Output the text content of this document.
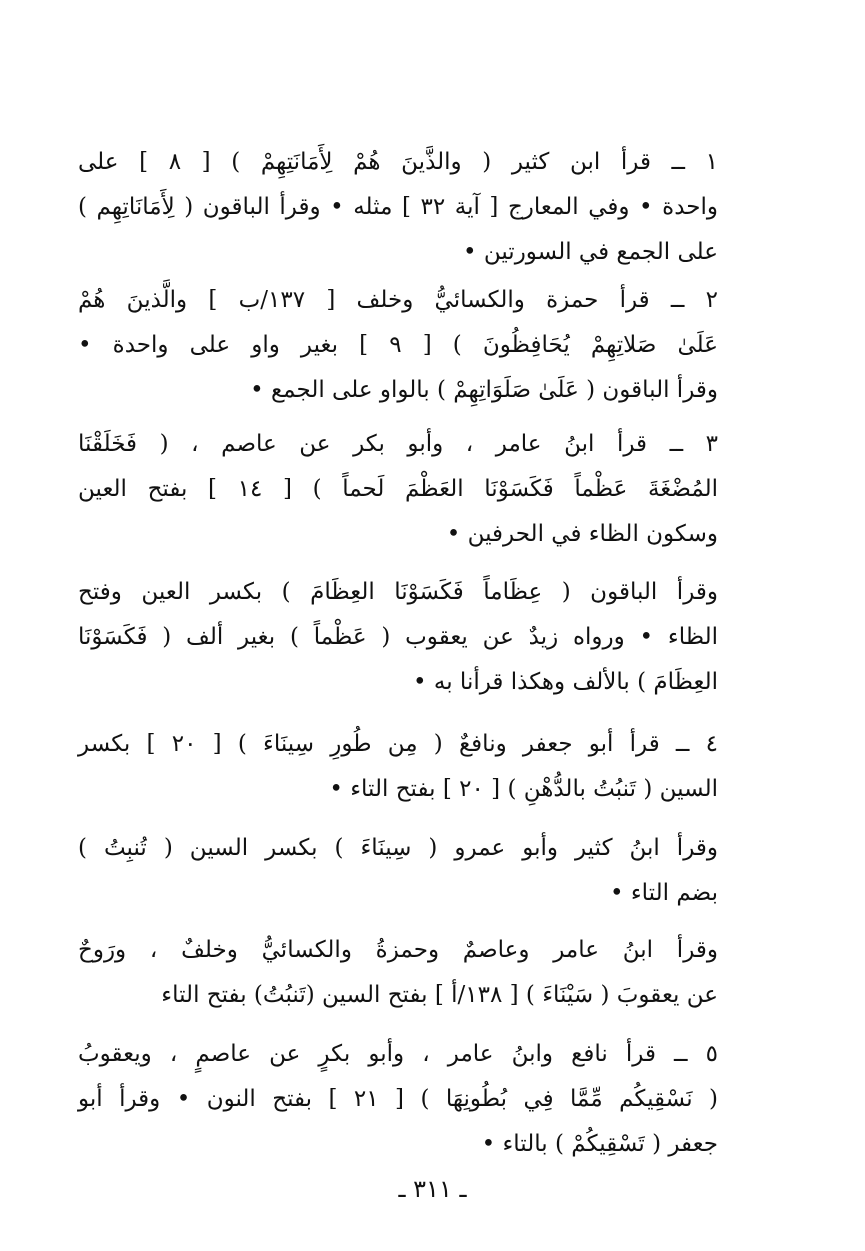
١ ــ قرأ ابن كثير ( والذَّينَ هُمْ لِأَمَانَتِهِمْ ) [ ٨ ] على
واحدة • وفي المعارج [ آية ٣٢ ] مثله • وقرأ الباقون ( لِأَمَانَاتِهِم )
على الجمع في السورتين •
٢ ــ قرأ حمزة والكسائيُّ وخلف [ ١٣٧/ب ] والَّذينَ هُمْ
عَلَىٰ صَلاتِهِمْ يُحَافِظُونَ ) [ ٩ ] بغير واو على واحدة •
وقرأ الباقون ( عَلَىٰ صَلَوَاتِهِمْ ) بالواو على الجمع •
٣ ــ قرأ ابنُ عامر ، وأبو بكر عن عاصم ، ( فَخَلَقْنَا
المُضْغَةَ عَظْماً فَكَسَوْنَا العَظْمَ لَحماً ) [ ١٤ ] بفتح العين
وسكون الظاء في الحرفين •
وقرأ الباقون ( عِظَاماً فَكَسَوْنَا العِظَامَ ) بكسر العين وفتح
الظاء • ورواه زيدٌ عن يعقوب ( عَظْماً ) بغير ألف ( فَكَسَوْنَا
العِظَامَ ) بالألف وهكذا قرأنا به •
٤ ــ قرأ أبو جعفر ونافعٌ ( مِن طُورِ سِينَاءَ ) [ ٢٠ ] بكسر
السين ( تَنبُتُ بالدُّهْنِ ) [ ٢٠ ] بفتح التاء •
وقرأ ابنُ كثير وأبو عمرو ( سِينَاءَ ) بكسر السين ( تُنبِتُ )
بضم التاء •
وقرأ ابنُ عامر وعاصمٌ وحمزةُ والكسائيُّ وخلفٌ ، ورَوحٌ
عن يعقوبَ ( سَيْنَاءَ ) [ ١٣٨/أ ] بفتح السين (تَنبُتُ) بفتح التاء
٥ ــ قرأ نافع وابنُ عامر ، وأبو بكرٍ عن عاصمٍ ، ويعقوبُ
( نَسْقِيكُم مِّمَّا فِي بُطُونِهَا ) [ ٢١ ] بفتح النون • وقرأ أبو
جعفر ( تَسْقِيكُمْ ) بالتاء •
ـ ٣١١ ـ
